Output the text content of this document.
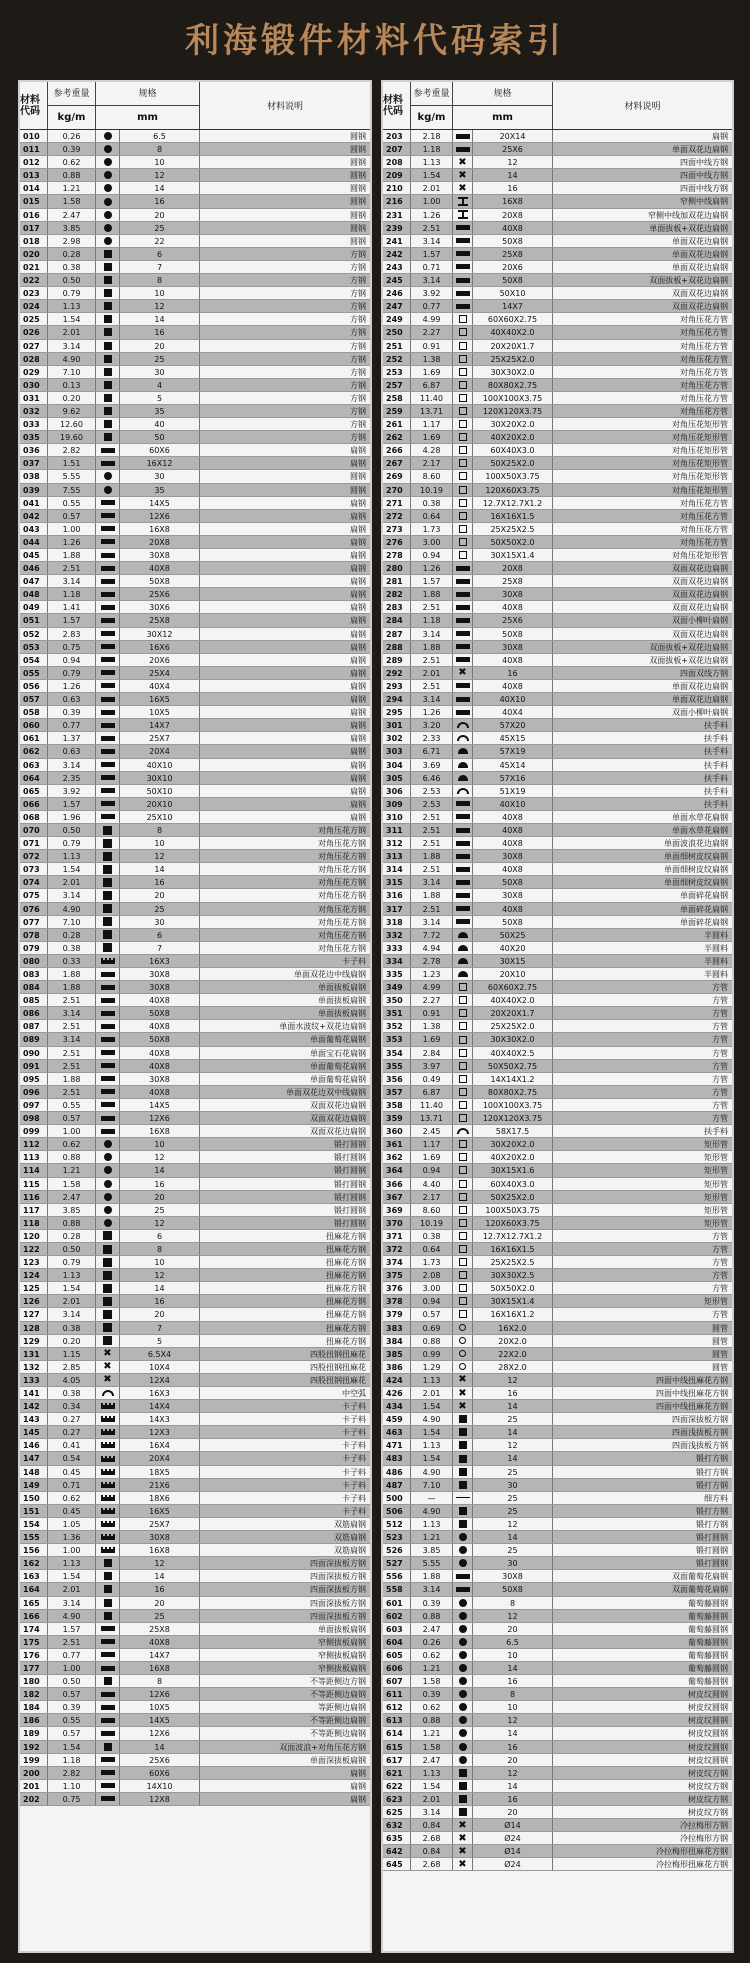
利海锻件材料代码索引
材料代码
参考重量
kg/m
规格
mm
材料说明
010	0.26	6.5	圆钢
011	0.39	8	圆钢
012	0.62	10	圆钢
013	0.88	12	圆钢
014	1.21	14	圆钢
015	1.58	16	圆钢
016	2.47	20	圆钢
017	3.85	25	圆钢
018	2.98	22	圆钢
020	0.28	6	方钢
021	0.38	7	方钢
022	0.50	8	方钢
023	0.79	10	方钢
024	1.13	12	方钢
025	1.54	14	方钢
026	2.01	16	方钢
027	3.14	20	方钢
028	4.90	25	方钢
029	7.10	30	方钢
030	0.13	4	方钢
031	0.20	5	方钢
032	9.62	35	方钢
033	12.60	40	方钢
035	19.60	50	方钢
036	2.82	60X6	扁钢
037	1.51	16X12	扁钢
038	5.55	30	圆钢
039	7.55	35	圆钢
041	0.55	14X5	扁钢
042	0.57	12X6	扁钢
043	1.00	16X8	扁钢
044	1.26	20X8	扁钢
045	1.88	30X8	扁钢
046	2.51	40X8	扁钢
047	3.14	50X8	扁钢
048	1.18	25X6	扁钢
049	1.41	30X6	扁钢
051	1.57	25X8	扁钢
052	2.83	30X12	扁钢
053	0.75	16X6	扁钢
054	0.94	20X6	扁钢
055	0.79	25X4	扁钢
056	1.26	40X4	扁钢
057	0.63	16X5	扁钢
058	0.39	10X5	扁钢
060	0.77	14X7	扁钢
061	1.37	25X7	扁钢
062	0.63	20X4	扁钢
063	3.14	40X10	扁钢
064	2.35	30X10	扁钢
065	3.92	50X10	扁钢
066	1.57	20X10	扁钢
068	1.96	25X10	扁钢
070	0.50	8	对角压花方钢
071	0.79	10	对角压花方钢
072	1.13	12	对角压花方钢
073	1.54	14	对角压花方钢
074	2.01	16	对角压花方钢
075	3.14	20	对角压花方钢
076	4.90	25	对角压花方钢
077	7.10	30	对角压花方钢
078	0.28	6	对角压花方钢
079	0.38	7	对角压花方钢
080	0.33	16X3	卡子料
083	1.88	30X8	单面双花边中线扁钢
084	1.88	30X8	单面拔板扁钢
085	2.51	40X8	单面拔板扁钢
086	3.14	50X8	单面拔板扁钢
087	2.51	40X8	单面水波纹+双花边扁钢
089	3.14	50X8	单面葡萄花扁钢
090	2.51	40X8	单面宝石花扁钢
091	2.51	40X8	单面葡萄花扁钢
095	1.88	30X8	单面葡萄花扁钢
096	2.51	40X8	单面双花边双中线扁钢
097	0.55	14X5	双面双花边扁钢
098	0.57	12X6	双面双花边扁钢
099	1.00	16X8	双面双花边扁钢
112	0.62	10	锻打圆钢
113	0.88	12	锻打圆钢
114	1.21	14	锻打圆钢
115	1.58	16	锻打圆钢
116	2.47	20	锻打圆钢
117	3.85	25	锻打圆钢
118	0.88	12	锻打圆钢
120	0.28	6	扭麻花方钢
122	0.50	8	扭麻花方钢
123	0.79	10	扭麻花方钢
124	1.13	12	扭麻花方钢
125	1.54	14	扭麻花方钢
126	2.01	16	扭麻花方钢
127	3.14	20	扭麻花方钢
128	0.38	7	扭麻花方钢
129	0.20	5	扭麻花方钢
131	1.15	✖	6.5X4	四股扭钢扭麻花
132	2.85	✖	10X4	四股扭钢扭麻花
133	4.05	✖	12X4	四股扭钢扭麻花
141	0.38	16X3	中空弧
142	0.34	14X4	卡子料
143	0.27	14X3	卡子料
145	0.27	12X3	卡子料
146	0.41	16X4	卡子料
147	0.54	20X4	卡子料
148	0.45	18X5	卡子料
149	0.71	21X6	卡子料
150	0.62	18X6	卡子料
151	0.45	16X5	卡子料
154	1.05	25X7	双筋扁钢
155	1.36	30X8	双筋扁钢
156	1.00	16X8	双筋扁钢
162	1.13	12	四面深拔板方钢
163	1.54	14	四面深拔板方钢
164	2.01	16	四面深拔板方钢
165	3.14	20	四面深拔板方钢
166	4.90	25	四面深拔板方钢
174	1.57	25X8	单面拔板扁钢
175	2.51	40X8	窄侧拔板扁钢
176	0.77	14X7	窄侧拔板扁钢
177	1.00	16X8	窄侧拔板扁钢
180	0.50	8	不等距侧边方钢
182	0.57	12X6	不等距侧边扁钢
184	0.39	10X5	等距侧边扁钢
186	0.55	14X5	不等距侧边扁钢
189	0.57	12X6	不等距侧边扁钢
192	1.54	14	双面波浪+对角压花方钢
199	1.18	25X6	单面深拔板扁钢
200	2.82	60X6	扁钢
201	1.10	14X10	扁钢
202	0.75	12X8	扁钢
材料代码
参考重量
kg/m
规格
mm
材料说明
203	2.18	20X14	扁钢
207	1.18	25X6	单面双花边扁钢
208	1.13	✖	12	四面中线方钢
209	1.54	✖	14	四面中线方钢
210	2.01	✖	16	四面中线方钢
216	1.00	16X8	窄侧中线扁钢
231	1.26	20X8	窄侧中线加双花边扁钢
239	2.51	40X8	单面拔板+双花边扁钢
241	3.14	50X8	单面双花边扁钢
242	1.57	25X8	单面双花边扁钢
243	0.71	20X6	单面双花边扁钢
245	3.14	50X8	双面拔板+双花边扁钢
246	3.92	50X10	双面双花边扁钢
247	0.77	14X7	双面双花边扁钢
249	4.99	60X60X2.75	对角压花方管
250	2.27	40X40X2.0	对角压花方管
251	0.91	20X20X1.7	对角压花方管
252	1.38	25X25X2.0	对角压花方管
253	1.69	30X30X2.0	对角压花方管
257	6.87	80X80X2.75	对角压花方管
258	11.40	100X100X3.75	对角压花方管
259	13.71	120X120X3.75	对角压花方管
261	1.17	30X20X2.0	对角压花矩形管
262	1.69	40X20X2.0	对角压花矩形管
266	4.28	60X40X3.0	对角压花矩形管
267	2.17	50X25X2.0	对角压花矩形管
269	8.60	100X50X3.75	对角压花矩形管
270	10.19	120X60X3.75	对角压花矩形管
271	0.38	12.7X12.7X1.2	对角压花方管
272	0.64	16X16X1.5	对角压花方管
273	1.73	25X25X2.5	对角压花方管
276	3.00	50X50X2.0	对角压花方管
278	0.94	30X15X1.4	对角压花矩形管
280	1.26	20X8	双面双花边扁钢
281	1.57	25X8	双面双花边扁钢
282	1.88	30X8	双面双花边扁钢
283	2.51	40X8	双面双花边扁钢
284	1.18	25X6	双面小柳叶扁钢
287	3.14	50X8	双面双花边扁钢
288	1.88	30X8	双面拔板+双花边扁钢
289	2.51	40X8	双面拔板+双花边扁钢
292	2.01	✖	16	四面双线方钢
293	2.51	40X8	单面双花边扁钢
294	3.14	40X10	单面双花边扁钢
295	1.26	40X4	双面小柳叶扁钢
301	3.20	57X20	扶手料
302	2.33	45X15	扶手料
303	6.71	57X19	扶手料
304	3.69	45X14	扶手料
305	6.46	57X16	扶手料
306	2.53	51X19	扶手料
309	2.53	40X10	扶手料
310	2.51	40X8	单面水草花扁钢
311	2.51	40X8	单面水草花扁钢
312	2.51	40X8	单面波浪花边扁钢
313	1.88	30X8	单面细树皮纹扁钢
314	2.51	40X8	单面细树皮纹扁钢
315	3.14	50X8	单面细树皮纹扁钢
316	1.88	30X8	单面碎花扁钢
317	2.51	40X8	单面碎花扁钢
318	3.14	50X8	单面碎花扁钢
332	7.72	50X25	半圆料
333	4.94	40X20	半圆料
334	2.78	30X15	半圆料
335	1.23	20X10	半圆料
349	4.99	60X60X2.75	方管
350	2.27	40X40X2.0	方管
351	0.91	20X20X1.7	方管
352	1.38	25X25X2.0	方管
353	1.69	30X30X2.0	方管
354	2.84	40X40X2.5	方管
355	3.97	50X50X2.75	方管
356	0.49	14X14X1.2	方管
357	6.87	80X80X2.75	方管
358	11.40	100X100X3.75	方管
359	13.71	120X120X3.75	方管
360	2.45	58X17.5	扶手料
361	1.17	30X20X2.0	矩形管
362	1.69	40X20X2.0	矩形管
364	0.94	30X15X1.6	矩形管
366	4.40	60X40X3.0	矩形管
367	2.17	50X25X2.0	矩形管
369	8.60	100X50X3.75	矩形管
370	10.19	120X60X3.75	矩形管
371	0.38	12.7X12.7X1.2	方管
372	0.64	16X16X1.5	方管
374	1.73	25X25X2.5	方管
375	2.08	30X30X2.5	方管
376	3.00	50X50X2.0	方管
378	0.94	30X15X1.4	矩形管
379	0.57	16X16X1.2	方管
383	0.69	16X2.0	圆管
384	0.88	20X2.0	圆管
385	0.99	22X2.0	圆管
386	1.29	28X2.0	圆管
424	1.13	✖	12	四面中线扭麻花方钢
426	2.01	✖	16	四面中线扭麻花方钢
434	1.54	✖	14	四面中线扭麻花方钢
459	4.90	25	四面深拔板方钢
463	1.54	14	四面浅拔板方钢
471	1.13	12	四面浅拔板方钢
483	1.54	14	锻打方钢
486	4.90	25	锻打方钢
487	7.10	30	锻打方钢
500	—	25	细方料
506	4.90	25	锻打方钢
512	1.13	12	锻打方钢
523	1.21	14	锻打圆钢
526	3.85	25	锻打圆钢
527	5.55	30	锻打圆钢
556	1.88	30X8	双面葡萄花扁钢
558	3.14	50X8	双面葡萄花扁钢
601	0.39	8	葡萄藤圆钢
602	0.88	12	葡萄藤圆钢
603	2.47	20	葡萄藤圆钢
604	0.26	6.5	葡萄藤圆钢
605	0.62	10	葡萄藤圆钢
606	1.21	14	葡萄藤圆钢
607	1.58	16	葡萄藤圆钢
611	0.39	8	树皮纹圆钢
612	0.62	10	树皮纹圆钢
613	0.88	12	树皮纹圆钢
614	1.21	14	树皮纹圆钢
615	1.58	16	树皮纹圆钢
617	2.47	20	树皮纹圆钢
621	1.13	12	树皮纹方钢
622	1.54	14	树皮纹方钢
623	2.01	16	树皮纹方钢
625	3.14	20	树皮纹方钢
632	0.84	✖	Ø14	冷拉梅形方钢
635	2.68	✖	Ø24	冷拉梅形方钢
642	0.84	✖	Ø14	冷拉梅形扭麻花方钢
645	2.68	✖	Ø24	冷拉梅形扭麻花方钢
